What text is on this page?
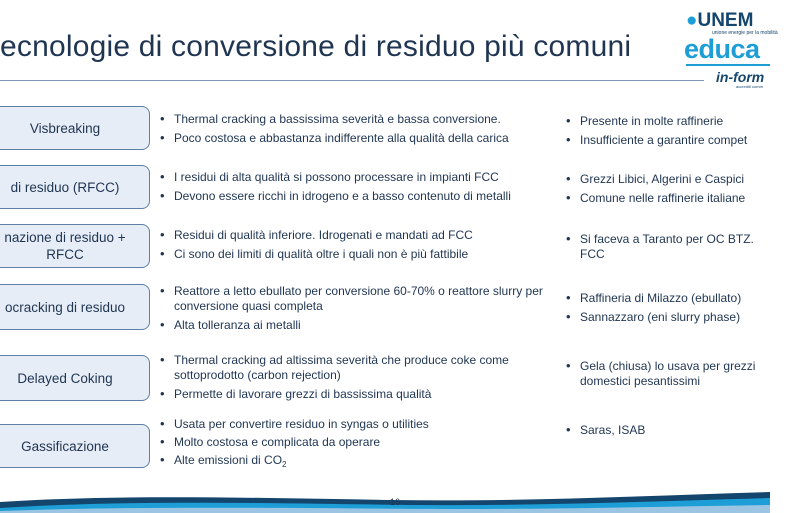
ecnologie di conversione di residuo più comuni
●UNEM
unione energie per la mobilità
educa
in-form
accrediti comm
Visbreaking
• Thermal cracking a bassissima severità e bassa conversione.
• Poco costosa e abbastanza indifferente alla qualità della carica
• Presente in molte raffinerie
• Insufficiente a garantire compet
di residuo (RFCC)
• I residui di alta qualità si possono processare in impianti FCC
• Devono essere ricchi in idrogeno e a basso contenuto di metalli
• Grezzi Libici, Algerini e Caspici
• Comune nelle raffinerie italiane
nazione di residuo +
RFCC
• Residui di qualità inferiore. Idrogenati e mandati ad FCC
• Ci sono dei limiti di qualità oltre i quali non è più fattibile
• Si faceva a Taranto per OC BTZ. FCC
ocracking di residuo
• Reattore a letto ebullato per conversione 60-70% o reattore slurry per conversione quasi completa
• Alta tolleranza ai metalli
• Raffineria di Milazzo (ebullato)
• Sannazzaro (eni slurry phase)
Delayed Coking
• Thermal cracking ad altissima severità che produce coke come sottoprodotto (carbon rejection)
• Permette di lavorare grezzi di bassissima qualità
• Gela (chiusa) lo usava per grezzi domestici pesantissimi
Gassificazione
• Usata per convertire residuo in syngas o utilities
• Molto costosa e complicata da operare
• Alte emissioni di $CO_2$
• Saras, ISAB
16
